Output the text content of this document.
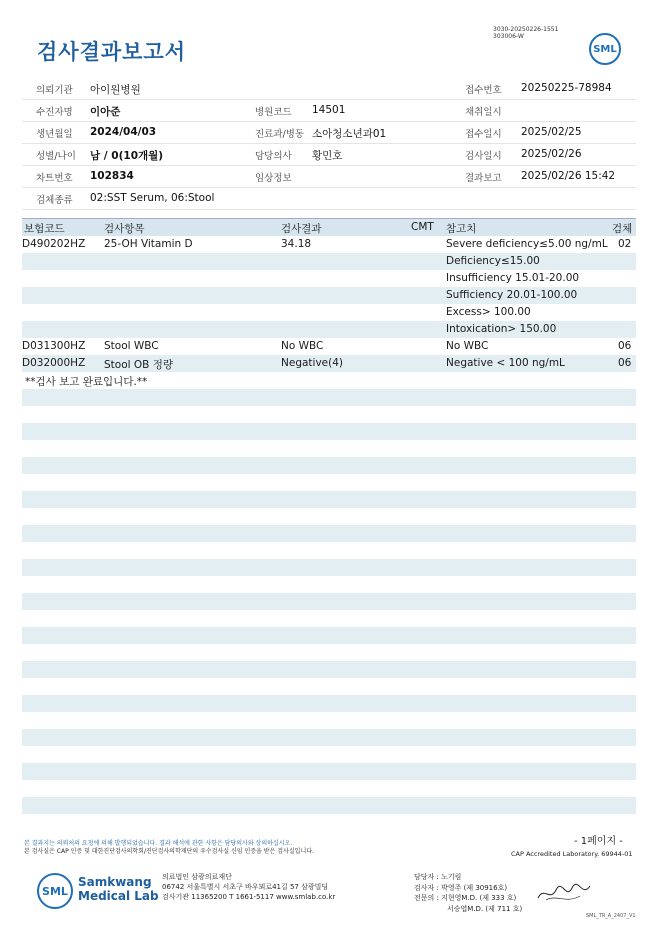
검사결과보고서
3030-20250226-1551
303006-W
SML
의뢰기관 아이원병원	접수번호 20250225-78984
수진자명 이아준	병원코드 14501	채취일시
생년월일 2024/04/03	진료과/병동 소아청소년과01	접수일시 2025/02/25
성별/나이 남 / 0(10개월)	담당의사 황민호	검사일시 2025/02/26
차트번호 102834	임상정보	결과보고 2025/02/26 15:42
검체종류 02:SST Serum, 06:Stool
보험코드	검사항목	검사결과	CMT 참고치	검체
D490202HZ 25-OH Vitamin D	34.18	Severe deficiency≤5.00 ng/mL 02
Deficiency≤15.00
Insufficiency 15.01-20.00
Sufficiency 20.01-100.00
Excess> 100.00
Intoxication> 150.00
D031300HZ Stool WBC	No WBC	No WBC	06
D032000HZ Stool OB 정량	Negative(4)	Negative < 100 ng/mL	06
**검사 보고 완료입니다.**
본 결과지는 의뢰처의 요청에 의해 발행되었습니다. 결과 해석에 관한 사항은 담당의사와 상의하십시오.
본 검사실은 CAP 인증 및 대한진단검사의학회/진단검사의학재단의 우수검사실 신임 인증을 받은 검사실입니다.
- 1페이지 -
CAP Accredited Laboratory. 69944-01
SML
Samkwang
Medical Lab
의료법인 삼광의료재단
06742 서울특별시 서초구 바우뫼로41길 57 삼광빌딩
검사기관 11365200 T 1661-5117 www.smlab.co.kr
담당자 : 노기림
검사자 : 박영주 (제 30916호)
전문의 : 지현영M.D. (제 333 호)
서승엽M.D. (제 711 호)
SML_TR_A_2407_V1
